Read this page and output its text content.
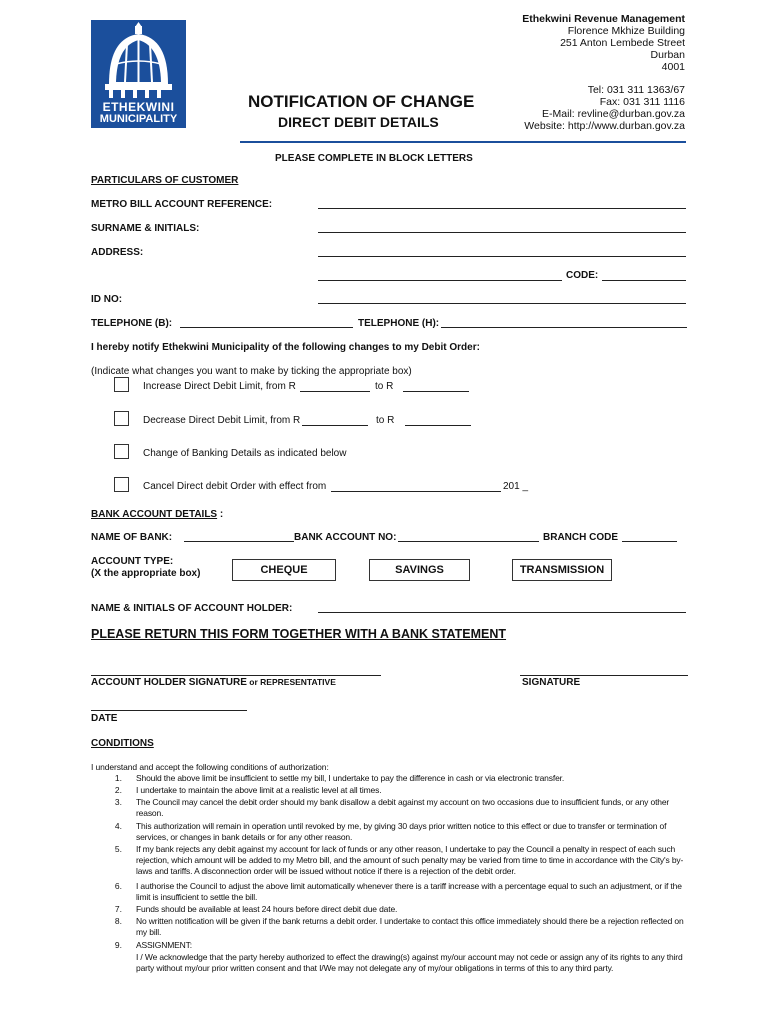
ETHEKWINI
MUNICIPALITY
Ethekwini Revenue Management
Florence Mkhize Building
251 Anton Lembede Street
Durban
4001
Tel: 031 311 1363/67
Fax: 031 311 1116
E-Mail: revline@durban.gov.za
Website: http://www.durban.gov.za
NOTIFICATION OF CHANGE
DIRECT DEBIT DETAILS
PLEASE COMPLETE IN BLOCK LETTERS
PARTICULARS OF CUSTOMER
METRO BILL ACCOUNT REFERENCE:
SURNAME & INITIALS:
ADDRESS:
CODE:
ID NO:
TELEPHONE (B):	TELEPHONE (H):
I hereby notify Ethekwini Municipality of the following changes to my Debit Order:
(Indicate what changes you want to make by ticking the appropriate box)
Increase Direct Debit Limit, from R	to R
Decrease Direct Debit Limit, from R	to R
Change of Banking Details as indicated below
Cancel Direct debit Order with effect from	201 _
BANK ACCOUNT DETAILS :
NAME OF BANK:	BANK ACCOUNT NO:	BRANCH CODE
ACCOUNT TYPE:
(X the appropriate box)	CHEQUE	SAVINGS	TRANSMISSION
NAME & INITIALS OF ACCOUNT HOLDER:
PLEASE RETURN THIS FORM TOGETHER WITH A BANK STATEMENT
ACCOUNT HOLDER SIGNATURE or REPRESENTATIVE	SIGNATURE
DATE
CONDITIONS
I understand and accept the following conditions of authorization:
1. Should the above limit be insufficient to settle my bill, I undertake to pay the difference in cash or via electronic transfer.
2. I undertake to maintain the above limit at a realistic level at all times.
3. The Council may cancel the debit order should my bank disallow a debit against my account on two occasions due to insufficient funds, or any other reason.
4. This authorization will remain in operation until revoked by me, by giving 30 days prior written notice to this effect or due to transfer or termination of services, or changes in bank details or for any other reason.
5. If my bank rejects any debit against my account for lack of funds or any other reason, I undertake to pay the Council a penalty in respect of each such rejection, which amount will be added to my Metro bill, and the amount of such penalty may be varied from time to time in accordance with the City's by-laws and tariffs. A disconnection order will be issued without notice if there is a rejection of the debit order.
6. I authorise the Council to adjust the above limit automatically whenever there is a tariff increase with a percentage equal to such an adjustment, or if the limit is insufficient to settle the bill.
7. Funds should be available at least 24 hours before direct debit due date.
8. No written notification will be given if the bank returns a debit order. I undertake to contact this office immediately should there be a rejection reflected on my bill.
9. ASSIGNMENT:
I / We acknowledge that the party hereby authorized to effect the drawing(s) against my/our account may not cede or assign any of its rights to any third party without my/our prior written consent and that I/We may not delegate any of my/our obligations in terms of this to any third party.
